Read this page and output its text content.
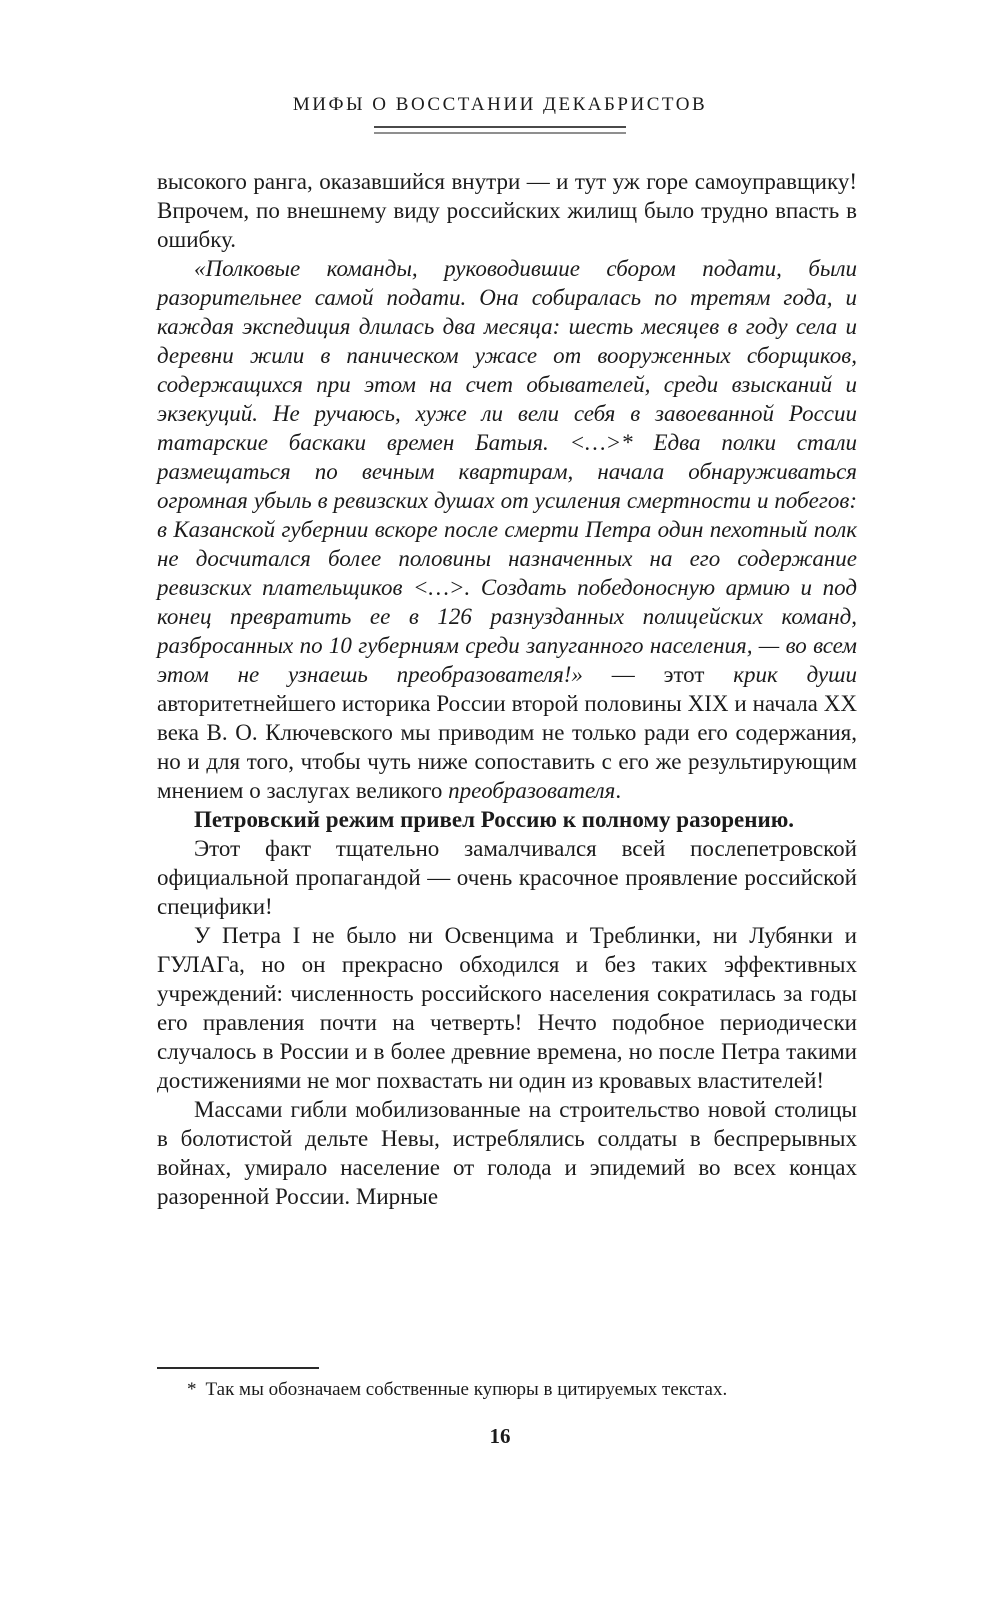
МИФЫ О ВОССТАНИИ ДЕКАБРИСТОВ

высокого ранга, оказавшийся внутри — и тут уж горе самоуправщику! Впрочем, по внешнему виду российских жилищ было трудно впасть в ошибку.

«Полковые команды, руководившие сбором подати, были разорительнее самой подати. Она собиралась по третям года, и каждая экспедиция длилась два месяца: шесть месяцев в году села и деревни жили в паническом ужасе от вооруженных сборщиков, содержащихся при этом на счет обывателей, среди взысканий и экзекуций. Не ручаюсь, хуже ли вели себя в завоеванной России татарские баскаки времен Батыя. <…>* Едва полки стали размещаться по вечным квартирам, начала обнаруживаться огромная убыль в ревизских душах от усиления смертности и побегов: в Казанской губернии вскоре после смерти Петра один пехотный полк не досчитался более половины назначенных на его содержание ревизских плательщиков <…>. Создать победоносную армию и под конец превратить ее в 126 разнузданных полицейских команд, разбросанных по 10 губерниям среди запуганного населения, — во всем этом не узнаешь преобразователя!» — этот крик души авторитетнейшего историка России второй половины XIX и начала XX века В. О. Ключевского мы приводим не только ради его содержания, но и для того, чтобы чуть ниже сопоставить с его же результирующим мнением о заслугах великого преобразователя.

Петровский режим привел Россию к полному разорению.

Этот факт тщательно замалчивался всей послепетровской официальной пропагандой — очень красочное проявление российской специфики!

У Петра I не было ни Освенцима и Треблинки, ни Лубянки и ГУЛАГа, но он прекрасно обходился и без таких эффективных учреждений: численность российского населения сократилась за годы его правления почти на четверть! Нечто подобное периодически случалось в России и в более древние времена, но после Петра такими достижениями не мог похвастать ни один из кровавых властителей!

Массами гибли мобилизованные на строительство новой столицы в болотистой дельте Невы, истреблялись солдаты в беспрерывных войнах, умирало население от голода и эпидемий во всех концах разоренной России. Мирные

* Так мы обозначаем собственные купюры в цитируемых текстах.
16
